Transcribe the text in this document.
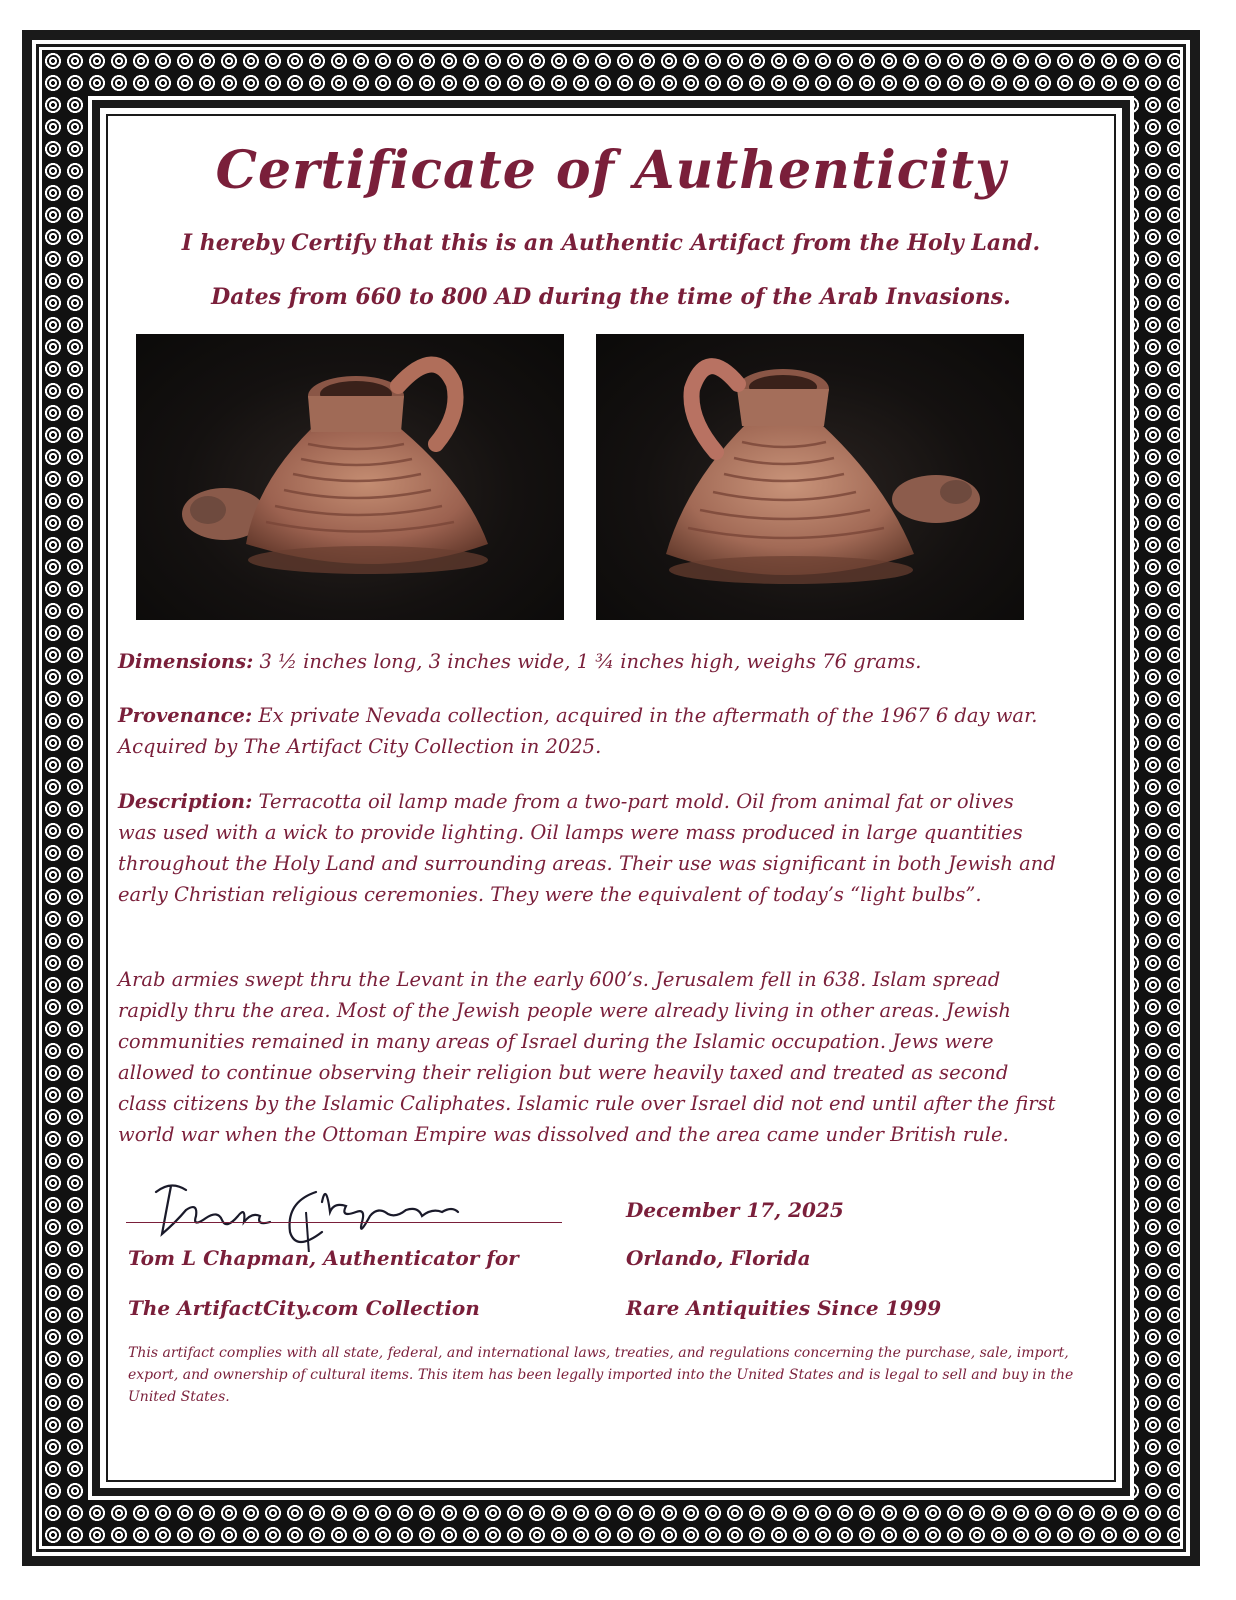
Certificate of Authenticity
I hereby Certify that this is an Authentic Artifact from the Holy Land.
Dates from 660 to 800 AD during the time of the Arab Invasions.
Dimensions: 3 ½ inches long, 3 inches wide, 1 ¾ inches high, weighs 76 grams.
Provenance: Ex private Nevada collection, acquired in the aftermath of the 1967 6 day war. Acquired by The Artifact City Collection in 2025.
Description: Terracotta oil lamp made from a two-part mold. Oil from animal fat or olives was used with a wick to provide lighting. Oil lamps were mass produced in large quantities throughout the Holy Land and surrounding areas. Their use was significant in both Jewish and early Christian religious ceremonies. They were the equivalent of today’s “light bulbs”.
Arab armies swept thru the Levant in the early 600’s. Jerusalem fell in 638. Islam spread rapidly thru the area. Most of the Jewish people were already living in other areas. Jewish communities remained in many areas of Israel during the Islamic occupation. Jews were allowed to continue observing their religion but were heavily taxed and treated as second class citizens by the Islamic Caliphates. Islamic rule over Israel did not end until after the first world war when the Ottoman Empire was dissolved and the area came under British rule.
Tom L Chapman, Authenticator for
The ArtifactCity.com Collection
December 17, 2025
Orlando, Florida
Rare Antiquities Since 1999
This artifact complies with all state, federal, and international laws, treaties, and regulations concerning the purchase, sale, import, export, and ownership of cultural items. This item has been legally imported into the United States and is legal to sell and buy in the United States.
